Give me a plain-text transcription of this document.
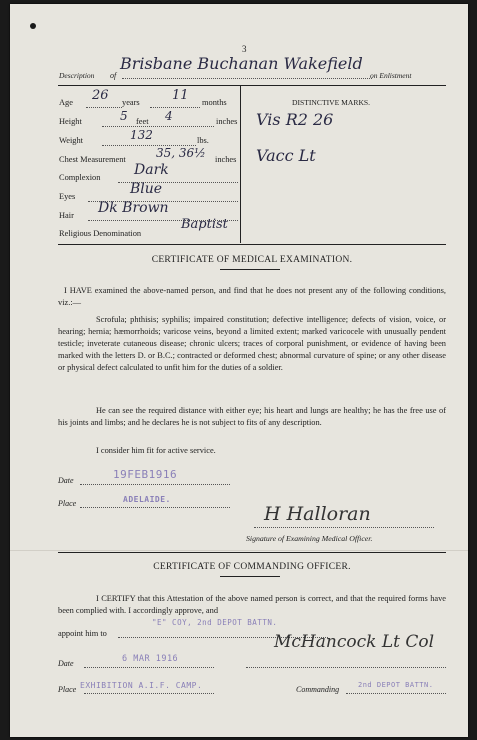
3
Description of
Brisbane Buchanan Wakefield
on Enlistment
Age 26 years 11 months
Height	5 feet 4	inches
Weight	132	lbs.
Chest Measurement	35, 36½ inches
Complexion Dark
Eyes	Blue
Hair Dk Brown
Religious Denomination
Baptist
DISTINCTIVE MARKS.
Vis R2 26
Vacc Lt
CERTIFICATE OF MEDICAL EXAMINATION.
I HAVE examined the above-named person, and find that he does not present any of the following conditions, viz.:—
Scrofula; phthisis; syphilis; impaired constitution; defective intelligence; defects of vision, voice, or hearing; hernia; hæmorrhoids; varicose veins, beyond a limited extent; marked varicocele with unusually pendent testicle; inveterate cutaneous disease; chronic ulcers; traces of corporal punishment, or evidence of having been marked with the letters D. or B.C.; contracted or deformed chest; abnormal curvature of spine; or any other disease or physical defect calculated to unfit him for the duties of a soldier.
He can see the required distance with either eye; his heart and lungs are healthy; he has the free use of his joints and limbs; and he declares he is not subject to fits of any description.
I consider him fit for active service.
Date	19FEB1916
Place	ADELAIDE.
H Halloran
Signature of Examining Medical Officer.
CERTIFICATE OF COMMANDING OFFICER.
I CERTIFY that this Attestation of the above named person is correct, and that the required forms have been complied with. I accordingly approve, and
appoint him to
"E" COY, 2nd DEPOT BATTN.
Date	6 MAR 1916
McHancock Lt Col
Place EXHIBITION A.I.F. CAMP.	Commanding	2nd DEPOT BATTN.
